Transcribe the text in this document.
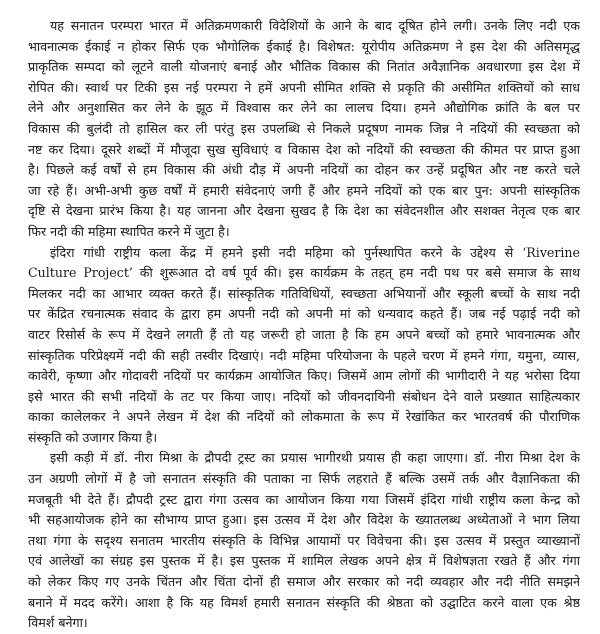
यह सनातन परम्परा भारत में अतिक्रमणकारी विदेशियों के आने के बाद दूषित होने लगी। उनके लिए नदी एक
भावनात्मक ईकाई न होकर सिर्फ एक भौगोलिक ईकाई है। विशेषत: यूरोपीय अतिक्रमण ने इस देश की अतिसमृद्ध
प्राकृतिक सम्पदा को लूटने वाली योजनाएं बनाई और भौतिक विकास की नितांत अवैज्ञानिक अवधारणा इस देश में
रोपित की। स्वार्थ पर टिकी इस नई परम्परा ने हमें अपनी सीमित शक्ति से प्रकृति की असीमित शक्तियों को साध
लेने और अनुशासित कर लेने के झूठ में विश्वास कर लेने का लालच दिया। हमने औद्योगिक क्रांति के बल पर
विकास की बुलंदी तो हासिल कर ली परंतु इस उपलब्धि से निकले प्रदूषण नामक जिन्न ने नदियों की स्वच्छता को
नष्ट कर दिया। दूसरे शब्दों में मौजूदा सुख सुविधाएं व विकास देश को नदियों की स्वच्छता की कीमत पर प्राप्त हुआ
है। पिछले कई वर्षों से हम विकास की अंधी दौड़ में अपनी नदियों का दोहन कर उन्हें प्रदूषित और नष्ट करते चले
जा रहे हैं। अभी-अभी कुछ वर्षों में हमारी संवेदनाएं जगी हैं और हमने नदियों को एक बार पुन: अपनी सांस्कृतिक
दृष्टि से देखना प्रारंभ किया है। यह जानना और देखना सुखद है कि देश का संवेदनशील और सशक्त नेतृत्व एक बार
फिर नदी की महिमा स्थापित करने में जुटा है।
इंदिरा गांधी राष्ट्रीय कला केंद्र में हमने इसी नदी महिमा को पुर्नस्थापित करने के उद्देश्य से ‘Riverine
Culture Project’ की शुरूआत दो वर्ष पूर्व की। इस कार्यक्रम के तहत् हम नदी पथ पर बसे समाज के साथ
मिलकर नदी का आभार व्यक्त करते हैं। सांस्कृतिक गतिविधियों, स्वच्छता अभियानों और स्कूली बच्चों के साथ नदी
पर केंद्रित रचनात्मक संवाद के द्वारा हम अपनी नदी को अपनी मां को धन्यवाद कहते हैं। जब नई पढ़ाई नदी को
वाटर रिसोर्स के रूप में देखने लगती हैं तो यह जरूरी हो जाता है कि हम अपने बच्चों को हमारे भावनात्मक और
सांस्कृतिक परिप्रेक्ष्यमें नदी की सही तस्वीर दिखाएं। नदी महिमा परियोजना के पहले चरण में हमने गंगा, यमुना, व्यास,
कावेरी, कृष्णा और गोदावरी नदियों पर कार्यक्रम आयोजित किए। जिसमें आम लोगों की भागीदारी ने यह भरोसा दिया
इसे भारत की सभी नदियों के तट पर किया जाए। नदियों को जीवनदायिनी संबोधन देने वाले प्रख्यात साहित्यकार
काका कालेलकर ने अपने लेखन में देश की नदियों को लोकमाता के रूप में रेखांकित कर भारतवर्ष की पौराणिक
संस्कृति को उजागर किया है।
इसी कड़ी में डॉ. नीरा मिश्रा के द्रौपदी ट्रस्ट का प्रयास भागीरथी प्रयास ही कहा जाएगा। डॉ. नीरा मिश्रा देश के
उन अग्रणी लोगों में है जो सनातन संस्कृति की पताका ना सिर्फ लहराते हैं बल्कि उसमें तर्क और वैज्ञानिकता की
मजबूती भी देते हैं। द्रौपदी ट्रस्ट द्वारा गंगा उत्सव का आयोजन किया गया जिसमें इंदिरा गांधी राष्ट्रीय कला केन्द्र को
भी सहआयोजक होने का सौभाग्य प्राप्त हुआ। इस उत्सव में देश और विदेश के ख्यातलब्ध अध्येताओं ने भाग लिया
तथा गंगा के सदृश्य सनातम भारतीय संस्कृति के विभिन्न आयामों पर विवेचना की। इस उत्सव में प्रस्तुत व्याख्यानों
एवं आलेखों का संग्रह इस पुस्तक में है। इस पुस्तक में शामिल लेखक अपने क्षेत्र में विशेषज्ञता रखते हैं और गंगा
को लेकर किए गए उनके चिंतन और चिंता दोनों ही समाज और सरकार को नदी व्यवहार और नदी नीति समझने
बनाने में मदद करेंगे। आशा है कि यह विमर्श हमारी सनातन संस्कृति की श्रेष्ठता को उद्घाटित करने वाला एक श्रेष्ठ
विमर्श बनेगा।
